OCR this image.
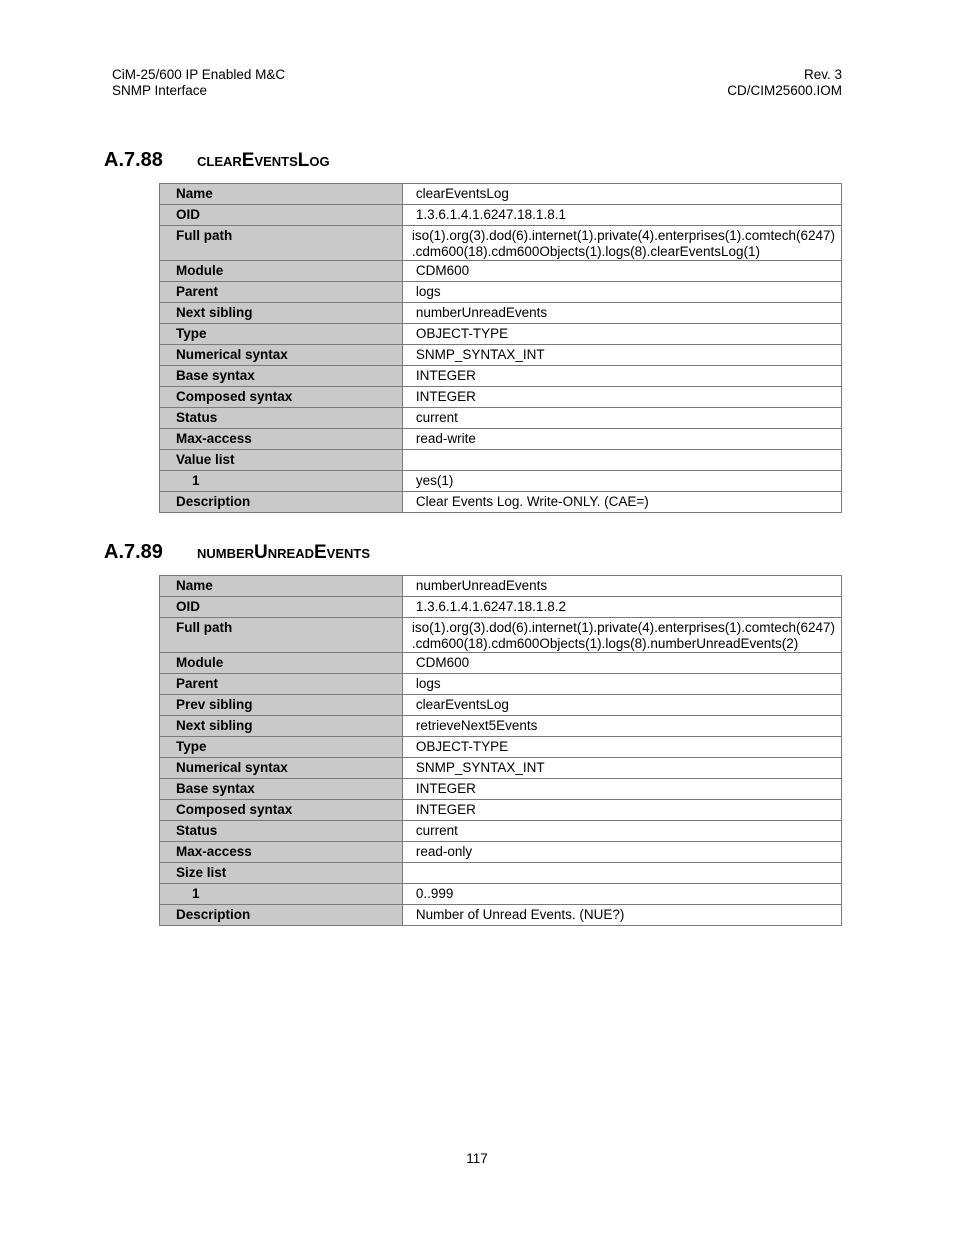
CiM-25/600 IP Enabled M&C
SNMP Interface
Rev. 3
CD/CIM25600.IOM
A.7.88 clearEventsLog
Name	clearEventsLog
OID	1.3.6.1.4.1.6247.18.1.8.1
Full path	iso(1).org(3).dod(6).internet(1).private(4).enterprises(1).comtech(6247)
.cdm600(18).cdm600Objects(1).logs(8).clearEventsLog(1)

Module	CDM600
Parent	logs
Next sibling	numberUnreadEvents
Type	OBJECT-TYPE
Numerical syntax	SNMP_SYNTAX_INT
Base syntax	INTEGER
Composed syntax	INTEGER
Status	current
Max-access	read-write
Value list	
1	yes(1)
Description	Clear Events Log. Write-ONLY. (CAE=)
A.7.89 numberUnreadEvents
Name	numberUnreadEvents
OID	1.3.6.1.4.1.6247.18.1.8.2
Full path	iso(1).org(3).dod(6).internet(1).private(4).enterprises(1).comtech(6247)
.cdm600(18).cdm600Objects(1).logs(8).numberUnreadEvents(2)

Module	CDM600
Parent	logs
Prev sibling	clearEventsLog
Next sibling	retrieveNext5Events
Type	OBJECT-TYPE
Numerical syntax	SNMP_SYNTAX_INT
Base syntax	INTEGER
Composed syntax	INTEGER
Status	current
Max-access	read-only
Size list	
1	0..999
Description	Number of Unread Events. (NUE?)
117
